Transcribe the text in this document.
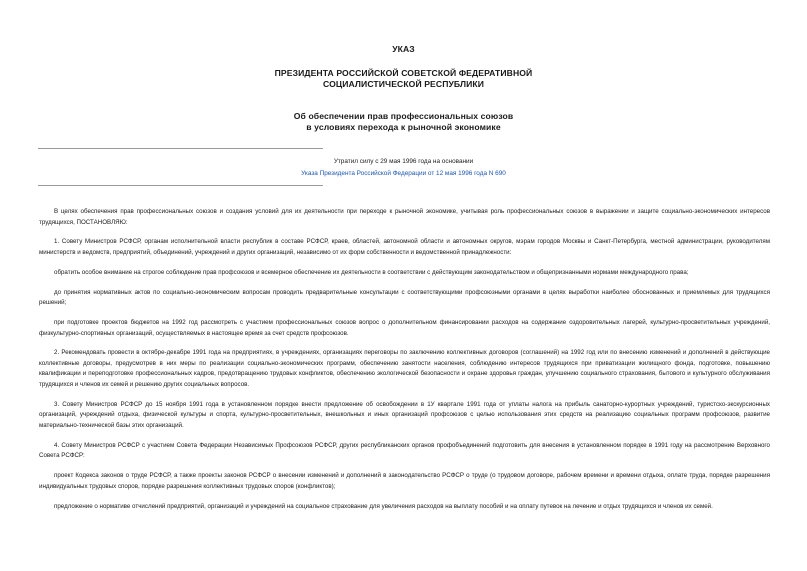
УКАЗ
ПРЕЗИДЕНТА РОССИЙСКОЙ СОВЕТСКОЙ ФЕДЕРАТИВНОЙ
СОЦИАЛИСТИЧЕСКОЙ РЕСПУБЛИКИ
Об обеспечении прав профессиональных союзов
в условиях перехода к рыночной экономике
Утратил силу с 29 мая 1996 года на основании
Указа Президента Российской Федерации от 12 мая 1996 года N 690

В целях обеспечения прав профессиональных союзов и создания условий для их деятельности при переходе к рыночной экономике, учитывая роль профессиональных союзов в выражении и защите социально-экономических интересов трудящихся, ПОСТАНОВЛЯЮ:

1. Совету Министров РСФСР, органам исполнительной власти республик в составе РСФСР, краев, областей, автономной области и автономных округов, мэрам городов Москвы и Санкт-Петербурга, местной администрации, руководителям министерств и ведомств, предприятий, объединений, учреждений и других организаций, независимо от их форм собственности и ведомственной принадлежности:

обратить особое внимание на строгое соблюдение прав профсоюзов и всемерное обеспечение их деятельности в соответствии с действующим законодательством и общепризнанными нормами международного права;

до принятия нормативных актов по социально-экономическим вопросам проводить предварительные консультации с соответствующими профсоюзными органами в целях выработки наиболее обоснованных и приемлемых для трудящихся решений;

при подготовке проектов бюджетов на 1992 год рассмотреть с участием профессиональных союзов вопрос о дополнительном финансировании расходов на содержание оздоровительных лагерей, культурно-просветительных учреждений, физкультурно-спортивных организаций, осуществляемых в настоящее время за счет средств профсоюзов.

2. Рекомендовать провести в октябре-декабре 1991 года на предприятиях, в учреждениях, организациях переговоры по заключению коллективных договоров (соглашений) на 1992 год или по внесению изменений и дополнений в действующие коллективные договоры, предусмотрев в них меры по реализации социально-экономических программ, обеспечению занятости населения, соблюдению интересов трудящихся при приватизации жилищного фонда, подготовке, повышению квалификации и переподготовке профессиональных кадров, предотвращению трудовых конфликтов, обеспечению экологической безопасности и охране здоровья граждан, улучшению социального страхования, бытового и культурного обслуживания трудящихся и членов их семей и решению других социальных вопросов.

3. Совету Министров РСФСР до 15 ноября 1991 года в установленном порядке внести предложение об освобождении в 1У квартале 1991 года от уплаты налога на прибыль санаторно-курортных учреждений, туристско-экскурсионных организаций, учреждений отдыха, физической культуры и спорта, культурно-просветительных, внешкольных и иных организаций профсоюзов с целью использования этих средств на реализацию социальных программ профсоюзов, развитие материально-технической базы этих организаций.

4. Совету Министров РСФСР с участием Совета Федерации Независимых Профсоюзов РСФСР, других республиканских органов профобъединений подготовить для внесения в установленном порядке в 1991 году на рассмотрение Верховного Совета РСФСР:

проект Кодекса законов о труде РСФСР, а также проекты законов РСФСР о внесении изменений и дополнений в законодательство РСФСР о труде (о трудовом договоре, рабочем времени и времени отдыха, оплате труда, порядке разрешения индивидуальных трудовых споров, порядке разрешения коллективных трудовых споров (конфликтов);

предложение о нормативе отчислений предприятий, организаций и учреждений на социальное страхование для увеличения расходов на выплату пособий и на оплату путевок на лечение и отдых трудящихся и членов их семей.
